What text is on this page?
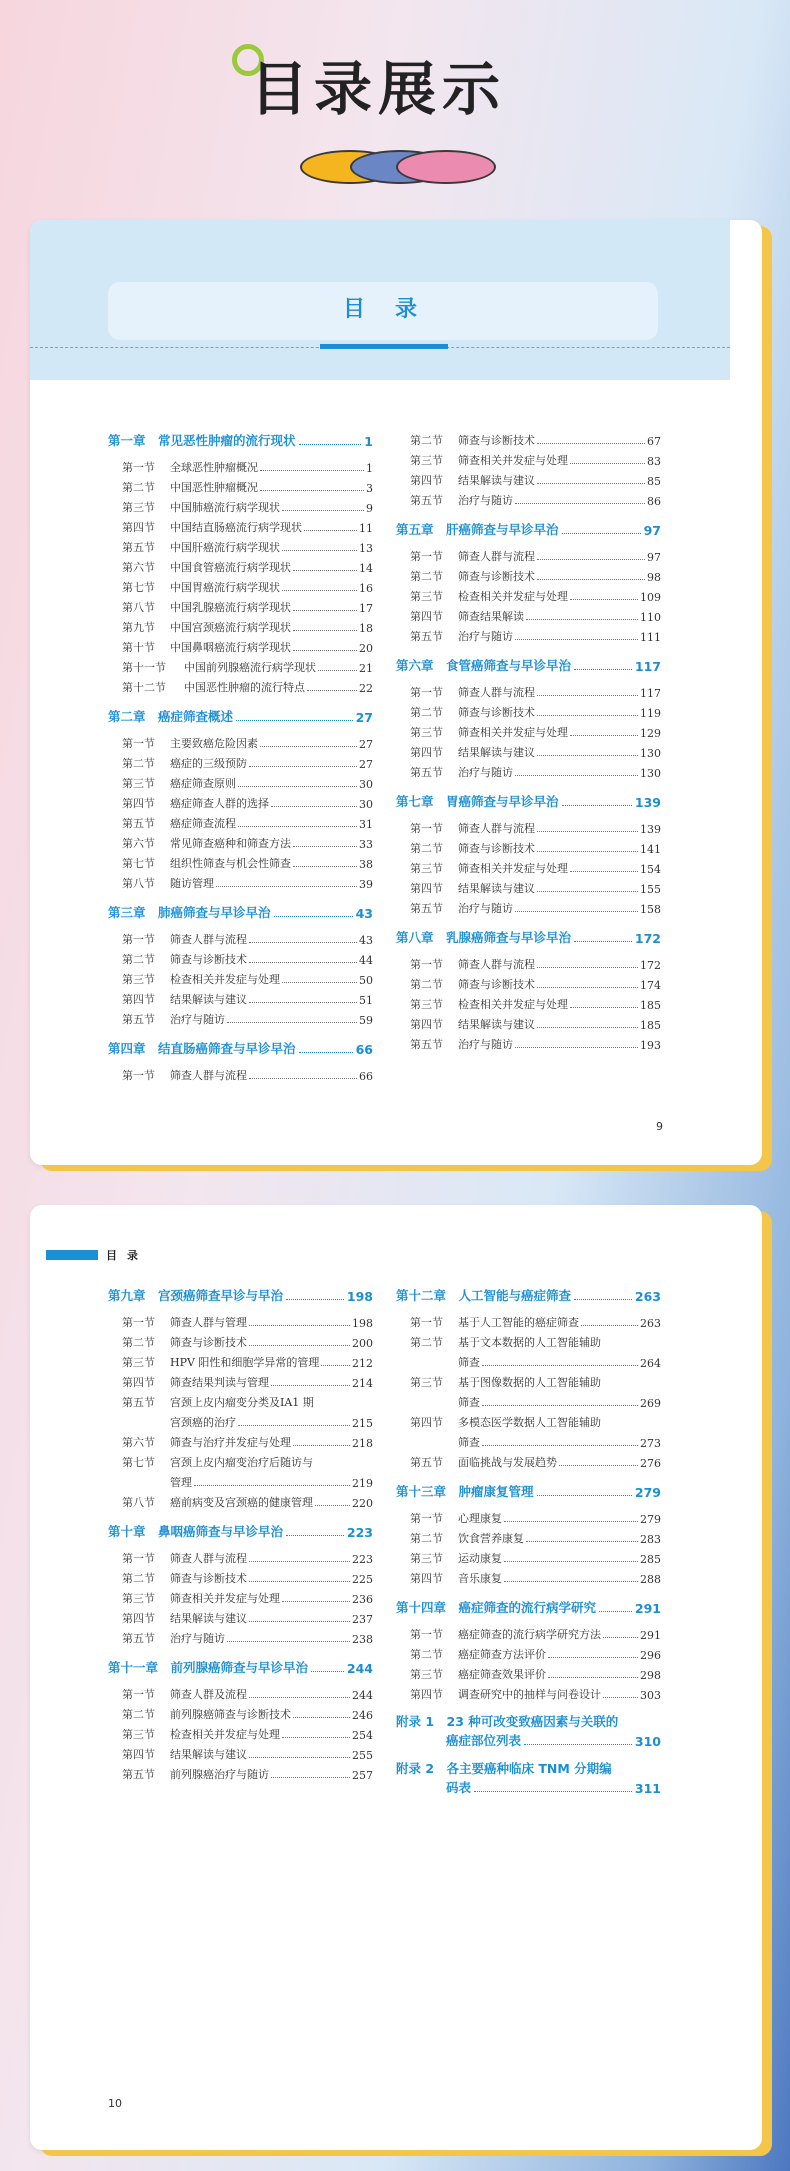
目录展示
目录
第一章　常见恶性肿瘤的流行现状	1
第一节	全球恶性肿瘤概况	1
第二节	中国恶性肿瘤概况	3
第三节	中国肺癌流行病学现状	9
第四节	中国结直肠癌流行病学现状	11
第五节	中国肝癌流行病学现状	13
第六节	中国食管癌流行病学现状	14
第七节	中国胃癌流行病学现状	16
第八节	中国乳腺癌流行病学现状	17
第九节	中国宫颈癌流行病学现状	18
第十节	中国鼻咽癌流行病学现状	20
第十一节	中国前列腺癌流行病学现状	21
第十二节	中国恶性肿瘤的流行特点	22
第二章　癌症筛查概述	27
第一节	主要致癌危险因素	27
第二节	癌症的三级预防	27
第三节	癌症筛查原则	30
第四节	癌症筛查人群的选择	30
第五节	癌症筛查流程	31
第六节	常见筛查癌种和筛查方法	33
第七节	组织性筛查与机会性筛查	38
第八节	随访管理	39
第三章　肺癌筛查与早诊早治	43
第一节	筛查人群与流程	43
第二节	筛查与诊断技术	44
第三节	检查相关并发症与处理	50
第四节	结果解读与建议	51
第五节	治疗与随访	59
第四章　结直肠癌筛查与早诊早治	66
第一节	筛查人群与流程	66
第二节	筛查与诊断技术	67
第三节	筛查相关并发症与处理	83
第四节	结果解读与建议	85
第五节	治疗与随访	86
第五章　肝癌筛查与早诊早治	97
第一节	筛查人群与流程	97
第二节	筛查与诊断技术	98
第三节	检查相关并发症与处理	109
第四节	筛查结果解读	110
第五节	治疗与随访	111
第六章　食管癌筛查与早诊早治	117
第一节	筛查人群与流程	117
第二节	筛查与诊断技术	119
第三节	筛查相关并发症与处理	129
第四节	结果解读与建议	130
第五节	治疗与随访	130
第七章　胃癌筛查与早诊早治	139
第一节	筛查人群与流程	139
第二节	筛查与诊断技术	141
第三节	筛查相关并发症与处理	154
第四节	结果解读与建议	155
第五节	治疗与随访	158
第八章　乳腺癌筛查与早诊早治	172
第一节	筛查人群与流程	172
第二节	筛查与诊断技术	174
第三节	检查相关并发症与处理	185
第四节	结果解读与建议	185
第五节	治疗与随访	193
9
目录
第九章　宫颈癌筛查早诊与早治	198
第一节	筛查人群与管理	198
第二节	筛查与诊断技术	200
第三节	HPV 阳性和细胞学异常的管理	212
第四节	筛查结果判读与管理	214
第五节	宫颈上皮内瘤变分类及ⅠA1 期
宫颈癌的治疗	215
第六节	筛查与治疗并发症与处理	218
第七节	宫颈上皮内瘤变治疗后随访与
管理	219
第八节	癌前病变及宫颈癌的健康管理	220
第十章　鼻咽癌筛查与早诊早治	223
第一节	筛查人群与流程	223
第二节	筛查与诊断技术	225
第三节	筛查相关并发症与处理	236
第四节	结果解读与建议	237
第五节	治疗与随访	238
第十一章　前列腺癌筛查与早诊早治	244
第一节	筛查人群及流程	244
第二节	前列腺癌筛查与诊断技术	246
第三节	检查相关并发症与处理	254
第四节	结果解读与建议	255
第五节	前列腺癌治疗与随访	257
第十二章　人工智能与癌症筛查	263
第一节	基于人工智能的癌症筛查	263
第二节	基于文本数据的人工智能辅助
筛查	264
第三节	基于图像数据的人工智能辅助
筛查	269
第四节	多模态医学数据人工智能辅助
筛查	273
第五节	面临挑战与发展趋势	276
第十三章　肿瘤康复管理	279
第一节	心理康复	279
第二节	饮食营养康复	283
第三节	运动康复	285
第四节	音乐康复	288
第十四章　癌症筛查的流行病学研究	291
第一节	癌症筛查的流行病学研究方法	291
第二节	癌症筛查方法评价	296
第三节	癌症筛查效果评价	298
第四节	调查研究中的抽样与问卷设计	303
附录 1　23 种可改变致癌因素与关联的
癌症部位列表	310
附录 2　各主要癌种临床 TNM 分期编
码表	311
10
